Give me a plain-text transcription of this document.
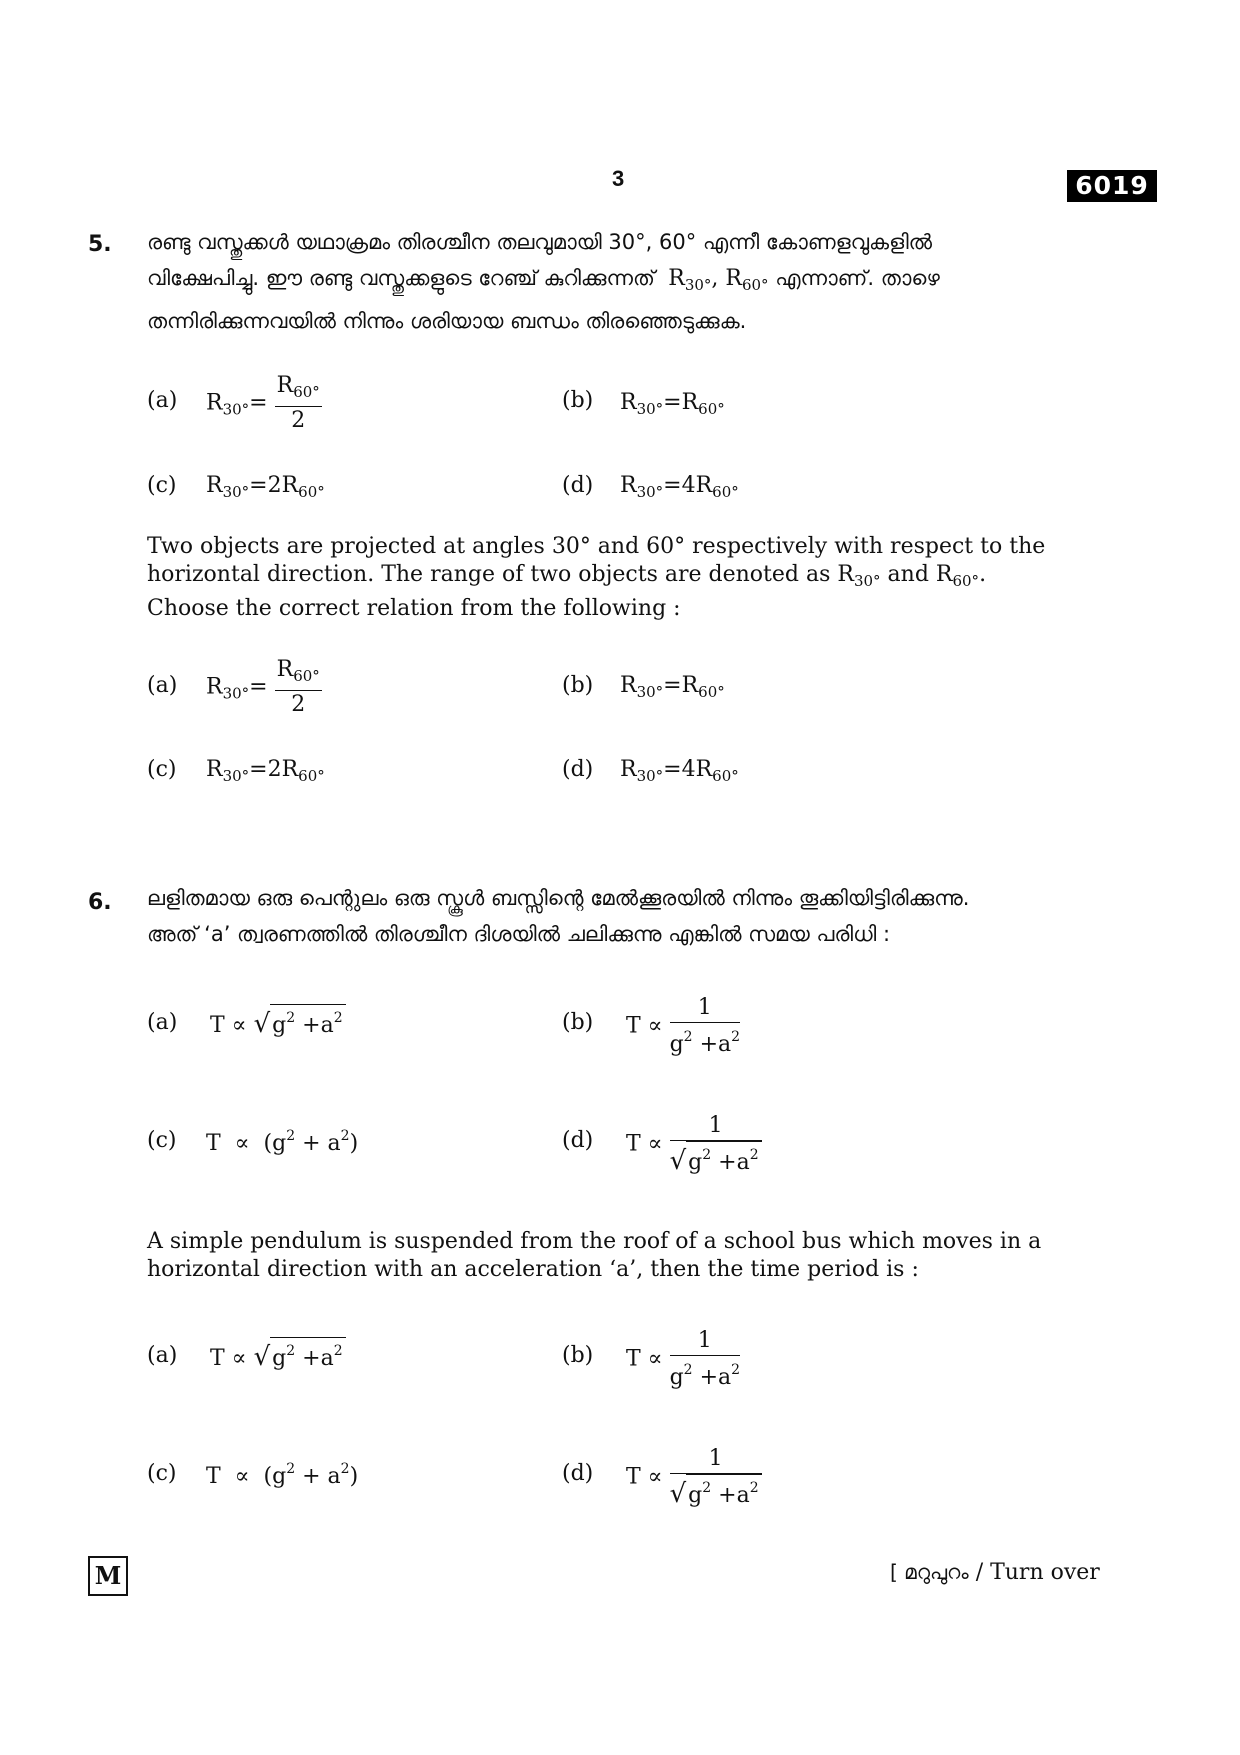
3	6019
5. രണ്ടു വസ്തുക്കൾ യഥാക്രമം തിരശ്ചീന തലവുമായി 30°, 60° എന്നീ കോണളവുകളിൽ
വിക്ഷേപിച്ചു. ഈ രണ്ടു വസ്തുക്കളുടെ റേഞ്ച് കുറിക്കുന്നത് $R_{30^\circ}$, $R_{60^\circ}$ എന്നാണ്. താഴെ
തന്നിരിക്കുന്നവയിൽ നിന്നും ശരിയായ ബന്ധം തിരഞ്ഞെടുക്കുക.
(a) $R_{30^\circ}= \frac{R_{60^\circ}}{2}$	(b) $R_{30^\circ}=R_{60^\circ}$
(c) $R_{30^\circ}=2R_{60^\circ}$	(d) $R_{30^\circ}=4R_{60^\circ}$
Two objects are projected at angles 30° and 60° respectively with respect to the
horizontal direction. The range of two objects are denoted as $R_{30^\circ}$ and $R_{60^\circ}$.
Choose the correct relation from the following :
(a) $R_{30^\circ}= \frac{R_{60^\circ}}{2}$	(b) $R_{30^\circ}=R_{60^\circ}$
(c) $R_{30^\circ}=2R_{60^\circ}$	(d) $R_{30^\circ}=4R_{60^\circ}$
6. ലളിതമായ ഒരു പെന്റുലം ഒരു സ്കൂൾ ബസ്സിന്റെ മേൽക്കൂരയിൽ നിന്നും തൂക്കിയിട്ടിരിക്കുന്നു.
അത് ‘a’ ത്വരണത്തിൽ തിരശ്ചീന ദിശയിൽ ചലിക്കുന്നു എങ്കിൽ സമയ പരിധി :
(a) $T \propto √g^2 +a^2$	(b) $T \propto \frac{1}{g^2 +a^2}$
(c) $T \propto (g^2 + a^2)$	(d) $T \propto \frac{1}{√g^2 +a^2}$
A simple pendulum is suspended from the roof of a school bus which moves in a
horizontal direction with an acceleration ‘a’, then the time period is :
(a) $T \propto √g^2 +a^2$	(b) $T \propto \frac{1}{g^2 +a^2}$
(c) $T \propto (g^2 + a^2)$	(d) $T \propto \frac{1}{√g^2 +a^2}$
M	[ മറുപുറം / Turn over
